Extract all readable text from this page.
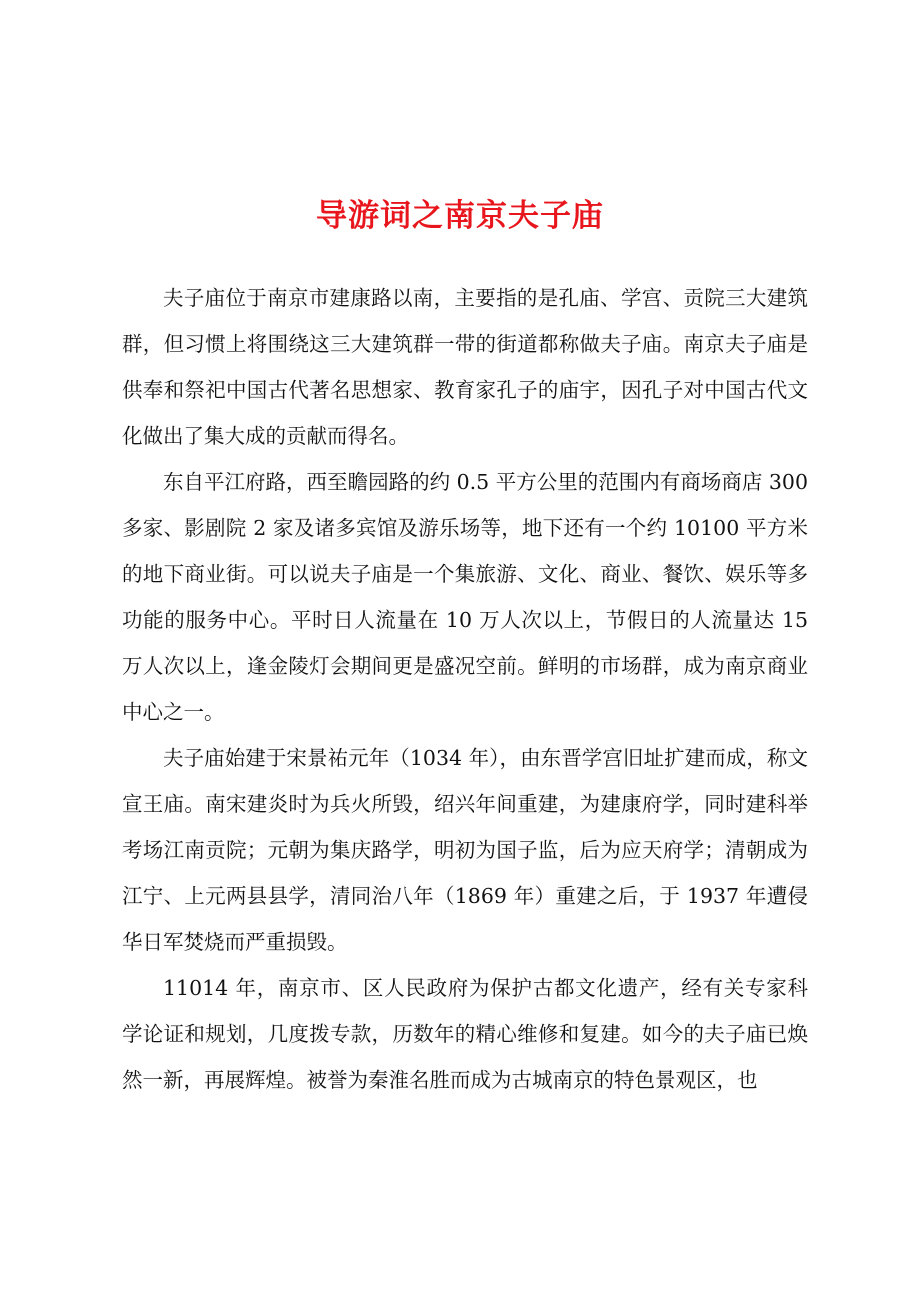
导游词之南京夫子庙

夫子庙位于南京市建康路以南，主要指的是孔庙、学宫、贡院三大建筑群，但习惯上将围绕这三大建筑群一带的街道都称做夫子庙。南京夫子庙是供奉和祭祀中国古代著名思想家、教育家孔子的庙宇，因孔子对中国古代文化做出了集大成的贡献而得名。

东自平江府路，西至瞻园路的约 0.5 平方公里的范围内有商场商店 300 多家、影剧院 2 家及诸多宾馆及游乐场等，地下还有一个约 10100 平方米的地下商业街。可以说夫子庙是一个集旅游、文化、商业、餐饮、娱乐等多功能的服务中心。平时日人流量在 10 万人次以上，节假日的人流量达 15 万人次以上，逢金陵灯会期间更是盛况空前。鲜明的市场群，成为南京商业中心之一。

夫子庙始建于宋景祐元年（1034 年），由东晋学宫旧址扩建而成，称文宣王庙。南宋建炎时为兵火所毁，绍兴年间重建，为建康府学，同时建科举考场江南贡院；元朝为集庆路学，明初为国子监，后为应天府学；清朝成为江宁、上元两县县学，清同治八年（1869 年）重建之后，于 1937 年遭侵华日军焚烧而严重损毁。

11014 年，南京市、区人民政府为保护古都文化遗产，经有关专家科学论证和规划，几度拨专款，历数年的精心维修和复建。如今的夫子庙已焕然一新，再展辉煌。被誉为秦淮名胜而成为古城南京的特色景观区，也
